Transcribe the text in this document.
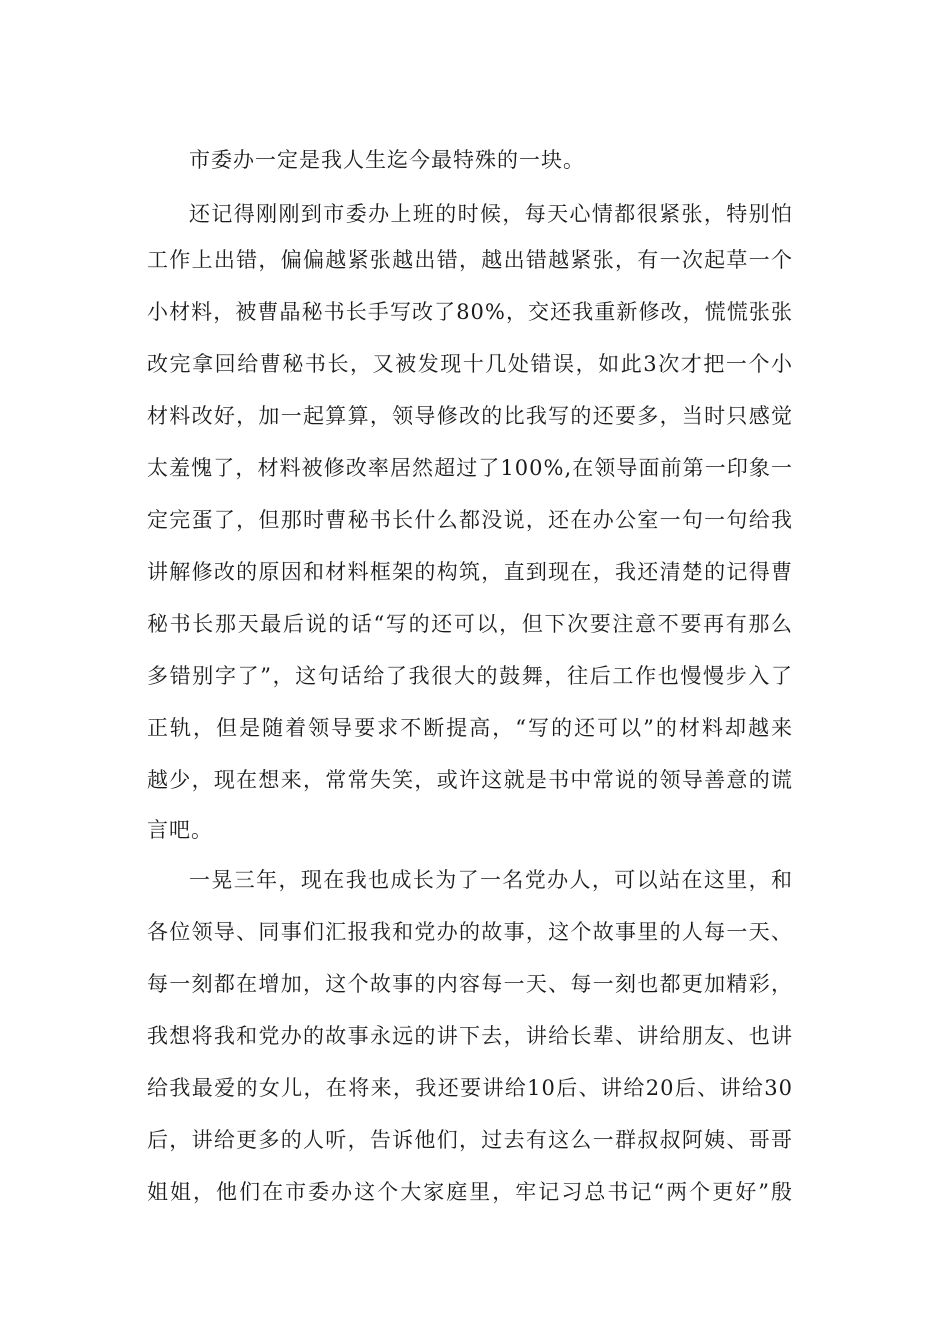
市委办一定是我人生迄今最特殊的一块。

还记得刚刚到市委办上班的时候，每天心情都很紧张，特别怕

工作上出错，偏偏越紧张越出错，越出错越紧张，有一次起草一个

小材料，被曹晶秘书长手写改了80%，交还我重新修改，慌慌张张

改完拿回给曹秘书长，又被发现十几处错误，如此3次才把一个小

材料改好，加一起算算，领导修改的比我写的还要多，当时只感觉

太羞愧了，材料被修改率居然超过了100%,在领导面前第一印象一

定完蛋了，但那时曹秘书长什么都没说，还在办公室一句一句给我

讲解修改的原因和材料框架的构筑，直到现在，我还清楚的记得曹

秘书长那天最后说的话“写的还可以，但下次要注意不要再有那么

多错别字了”，这句话给了我很大的鼓舞，往后工作也慢慢步入了

正轨，但是随着领导要求不断提高，“写的还可以”的材料却越来

越少，现在想来，常常失笑，或许这就是书中常说的领导善意的谎

言吧。

一晃三年，现在我也成长为了一名党办人，可以站在这里，和

各位领导、同事们汇报我和党办的故事，这个故事里的人每一天、

每一刻都在增加，这个故事的内容每一天、每一刻也都更加精彩，

我想将我和党办的故事永远的讲下去，讲给长辈、讲给朋友、也讲

给我最爱的女儿，在将来，我还要讲给10后、讲给20后、讲给30

后，讲给更多的人听，告诉他们，过去有这么一群叔叔阿姨、哥哥

姐姐，他们在市委办这个大家庭里，牢记习总书记“两个更好”殷
